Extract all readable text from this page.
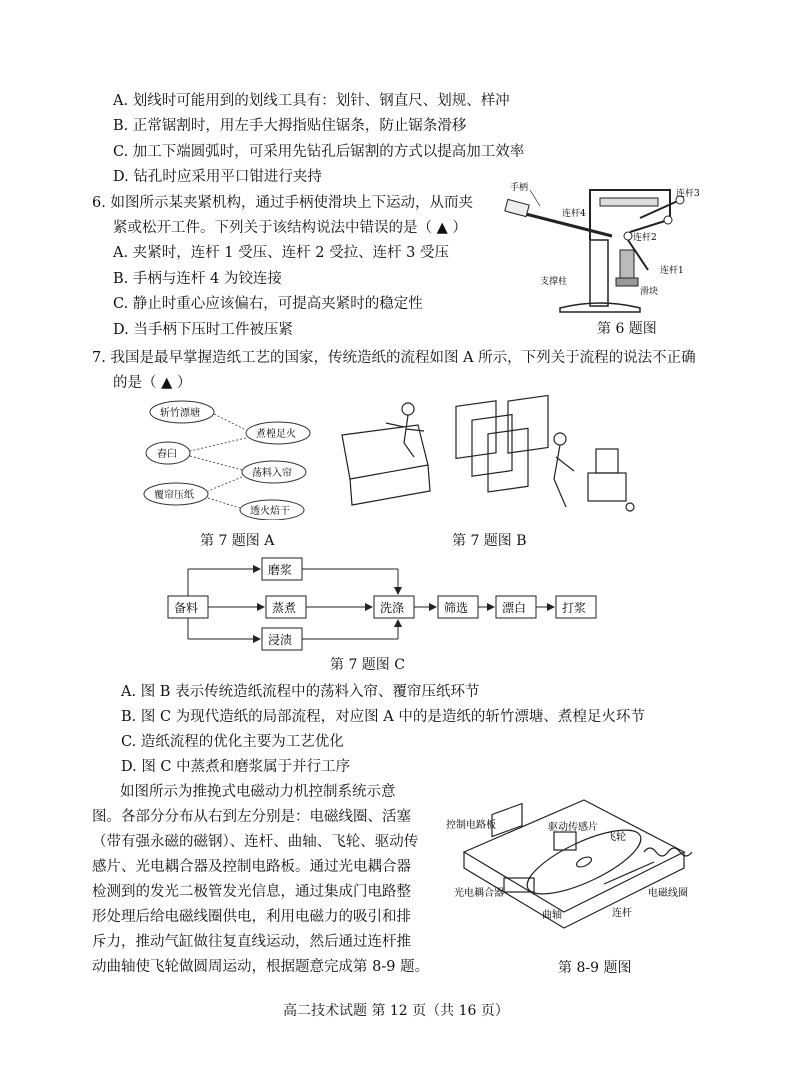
A. 划线时可能用到的划线工具有：划针、钢直尺、划规、样冲
B. 正常锯割时，用左手大拇指贴住锯条，防止锯条滑移
C. 加工下端圆弧时，可采用先钻孔后锯割的方式以提高加工效率
D. 钻孔时应采用平口钳进行夹持
6. 如图所示某夹紧机构，通过手柄使滑块上下运动，从而夹
紧或松开工件。下列关于该结构说法中错误的是（ ▲ ）
A. 夹紧时，连杆 1 受压、连杆 2 受拉、连杆 3 受压
B. 手柄与连杆 4 为铰连接
C. 静止时重心应该偏右，可提高夹紧时的稳定性
D. 当手柄下压时工件被压紧
手柄
连杆4
连杆3
连杆2
连杆1
支撑柱
滑块
第 6 题图
7. 我国是最早掌握造纸工艺的国家，传统造纸的流程如图 A 所示，下列关于流程的说法不正确
的是（ ▲ ）
斩竹漂塘
煮楻足火
舂臼
荡料入帘
覆帘压纸
透火焙干
第 7 题图 A	第 7 题图 B
备料
磨浆
蒸煮
浸渍
洗涤	筛选	漂白	打浆
第 7 题图 C
A. 图 B 表示传统造纸流程中的荡料入帘、覆帘压纸环节
B. 图 C 为现代造纸的局部流程，对应图 A 中的是造纸的斩竹漂塘、煮楻足火环节
C. 造纸流程的优化主要为工艺优化
D. 图 C 中蒸煮和磨浆属于并行工序
如图所示为推挽式电磁动力机控制系统示意
图。各部分分布从右到左分别是：电磁线圈、活塞
（带有强永磁的磁钢）、连杆、曲轴、飞轮、驱动传
感片、光电耦合器及控制电路板。通过光电耦合器
检测到的发光二极管发光信息，通过集成门电路整
形处理后给电磁线圈供电，利用电磁力的吸引和排
斥力，推动气缸做往复直线运动，然后通过连杆推
动曲轴使飞轮做圆周运动，根据题意完成第 8-9 题。
控制电路板	驱动传感片
飞轮
光电耦合器
曲轴	连杆
电磁线圈
第 8-9 题图
高二技术试题 第 12 页（共 16 页）
